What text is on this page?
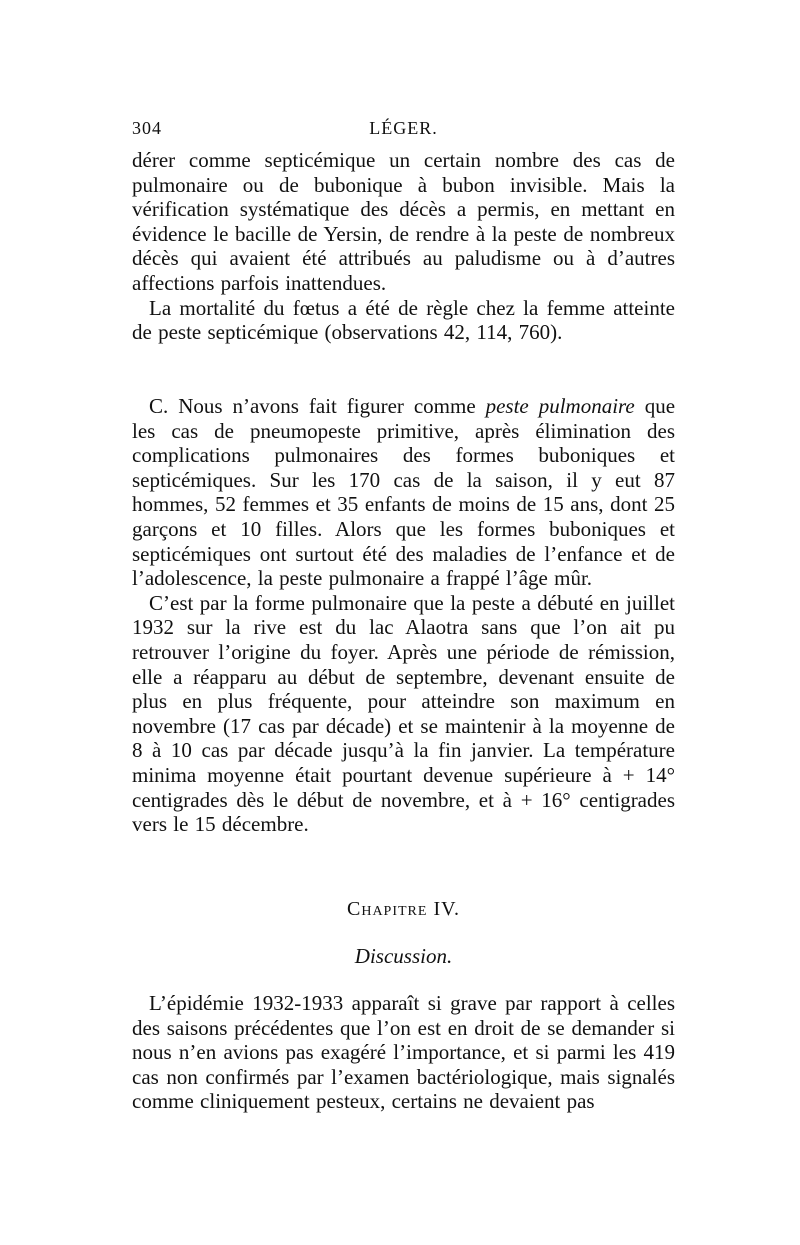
304	LÉGER.

dérer comme septicémique un certain nombre des cas de pulmonaire ou de bubonique à bubon invisible. Mais la vérification systématique des décès a permis, en mettant en évidence le bacille de Yersin, de rendre à la peste de nombreux décès qui avaient été attribués au paludisme ou à d’autres affections parfois inattendues.

La mortalité du fœtus a été de règle chez la femme atteinte de peste septicémique (observations 42, 114, 760).

C. Nous n’avons fait figurer comme peste pulmonaire que les cas de pneumopeste primitive, après élimination des complications pulmonaires des formes buboniques et septicémiques. Sur les 170 cas de la saison, il y eut 87 hommes, 52 femmes et 35 enfants de moins de 15 ans, dont 25 garçons et 10 filles. Alors que les formes buboniques et septicémiques ont surtout été des maladies de l’enfance et de l’adolescence, la peste pulmonaire a frappé l’âge mûr.

C’est par la forme pulmonaire que la peste a débuté en juillet 1932 sur la rive est du lac Alaotra sans que l’on ait pu retrouver l’origine du foyer. Après une période de rémission, elle a réapparu au début de septembre, devenant ensuite de plus en plus fréquente, pour atteindre son maximum en novembre (17 cas par décade) et se maintenir à la moyenne de 8 à 10 cas par décade jusqu’à la fin janvier. La température minima moyenne était pourtant devenue supérieure à + 14° centigrades dès le début de novembre, et à + 16° centigrades vers le 15 décembre.

Chapitre IV.
Discussion.

L’épidémie 1932-1933 apparaît si grave par rapport à celles des saisons précédentes que l’on est en droit de se demander si nous n’en avions pas exagéré l’importance, et si parmi les 419 cas non confirmés par l’examen bactériologique, mais signalés comme cliniquement pesteux, certains ne devaient pas
